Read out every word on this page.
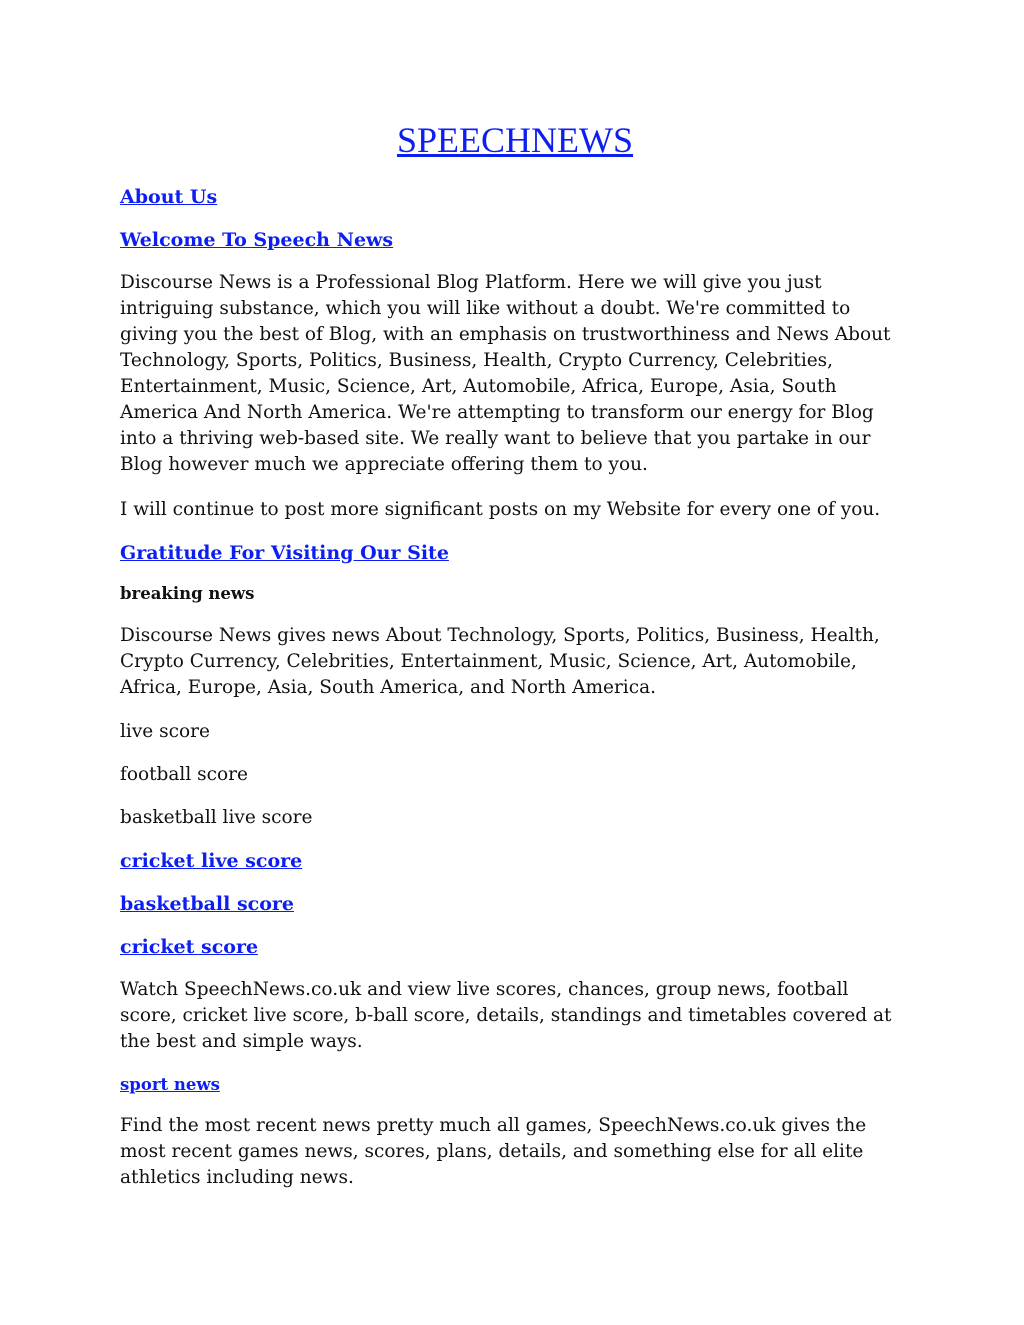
SPEECHNEWS

About Us

Welcome To Speech News

Discourse News is a Professional Blog Platform. Here we will give you just intriguing substance, which you will like without a doubt. We're committed to giving you the best of Blog, with an emphasis on trustworthiness and News About Technology, Sports, Politics, Business, Health, Crypto Currency, Celebrities, Entertainment, Music, Science, Art, Automobile, Africa, Europe, Asia, South America And North America. We're attempting to transform our energy for Blog into a thriving web-based site. We really want to believe that you partake in our Blog however much we appreciate offering them to you.

I will continue to post more significant posts on my Website for every one of you.

Gratitude For Visiting Our Site

breaking news

Discourse News gives news About Technology, Sports, Politics, Business, Health, Crypto Currency, Celebrities, Entertainment, Music, Science, Art, Automobile, Africa, Europe, Asia, South America, and North America.

live score

football score

basketball live score

cricket live score

basketball score

cricket score

Watch SpeechNews.co.uk and view live scores, chances, group news, football score, cricket live score, b-ball score, details, standings and timetables covered at the best and simple ways.

sport news

Find the most recent news pretty much all games, SpeechNews.co.uk gives the most recent games news, scores, plans, details, and something else for all elite athletics including news.
